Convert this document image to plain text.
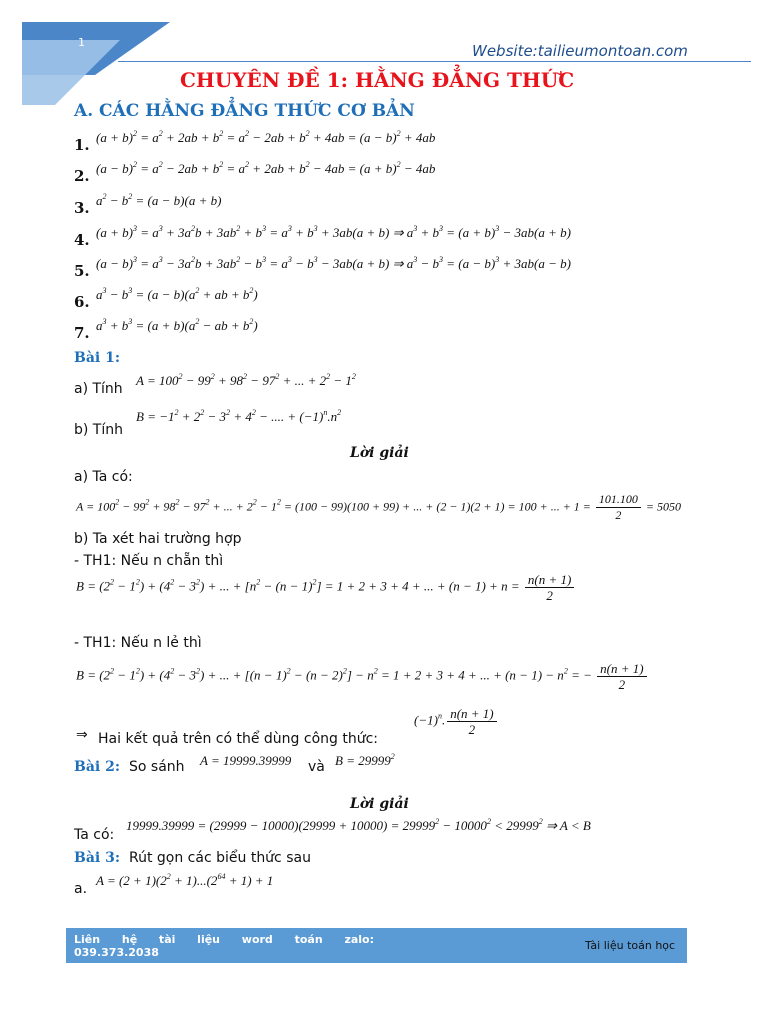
1	Website:tailieumontoan.com
CHUYÊN ĐỀ 1: HẰNG ĐẲNG THỨC
A. CÁC HẰNG ĐẲNG THỨC CƠ BẢN
1. $(a + b)^2 = a^2 + 2ab + b^2 = a^2 - 2ab + b^2 + 4ab = (a - b)^2 + 4ab$
2. $(a - b)^2 = a^2 - 2ab + b^2 = a^2 + 2ab + b^2 - 4ab = (a + b)^2 - 4ab$
3. $a^2 - b^2 = (a - b)(a + b)$
4. $(a + b)^3 = a^3 + 3a^2b + 3ab^2 + b^3 = a^3 + b^3 + 3ab(a + b)$ ⇒ $a^3 + b^3 = (a + b)^3 - 3ab(a + b)$
5. $(a - b)^3 = a^3 - 3a^2b + 3ab^2 - b^3 = a^3 - b^3 - 3ab(a + b)$ ⇒ $a^3 - b^3 = (a - b)^3 + 3ab(a - b)$
6. $a^3 - b^3 = (a - b)(a^2$ + ab + $b^2$)
7. $a^3 + b^3 = (a + b)(a^2$ − ab + $b^2$)
Bài 1:
a) Tính
$A = 100^2 - 99^2 + 98^2 - 97^2$ + ... + $2^2 - 1^2$
b) Tính
$B = -1^2 + 2^2 - 3^2 + 4^2$ − .... + $(-1)^n.n^2$
Lời giải
a) Ta có:
$A = 100^2 - 99^2 + 98^2 - 97^2$ + ... + $2^2 - 1^2 = (100 - 99)(100 + 99)$ + ... + (2 − 1)(2 + 1) = 100 + ... + $1 = \frac{101.100}{2} = 5050$
b) Ta xét hai trường hợp
- TH1: Nếu n chẵn thì
$B = (2^2 - 1^2) + (4^2 - 3^2)$ + ... + $[n^2 - (n - 1)^2] = 1 + 2 + 3 + 4$ + ... + $(n - 1) + n = \frac{n(n + 1)}{2}$
- TH1: Nếu n lẻ thì
$B = (2^2 - 1^2) + (4^2 - 3^2)$ + ... + $[(n - 1)^2 - (n - 2)^2] - n^2 = 1 + 2 + 3 + 4$ + ... + $(n - 1) - n^2$ = − $\frac{n(n + 1)}{2}$
⇒ Hai kết quả trên có thể dùng công thức:
$(-1)^n$. $\frac{n(n + 1)}{2}$
Bài 2: So sánh A = 19999.39999 và $B = 29999^2$
Lời giải
Ta có:
$19999.39999 = (29999 - 10000)(29999 + 10000) = 29999^2 - 10000^2 < 29999^2$ ⇒ A < B
Bài 3: Rút gọn các biểu thức sau
a.
$A = (2 + 1)(2^2 + 1)...(2^{64} + 1) + 1$
Liên hệ tài liệu word toán zalo: 039.373.2038
Tài liệu toán học
